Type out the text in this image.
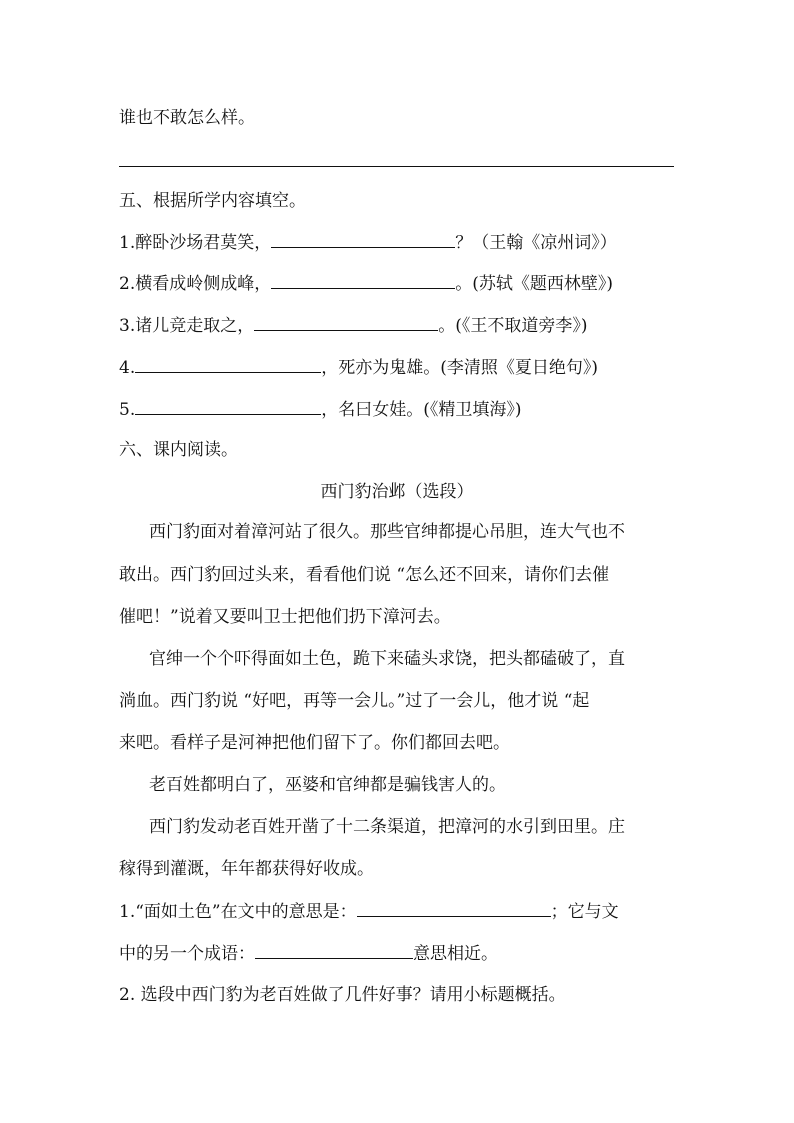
谁也不敢怎么样。
五、根据所学内容填空。
1.醉卧沙场君莫笑，	？（王翰《凉州词》）
2.横看成岭侧成峰，	。(苏轼《题西林壁》)
3.诸儿竞走取之，	。(《王不取道旁李》)
4.	，死亦为鬼雄。(李清照《夏日绝句》)
5.	，名曰女娃。(《精卫填海》)
六、课内阅读。
西门豹治邺（选段）
西门豹面对着漳河站了很久。那些官绅都提心吊胆，连大气也不
敢出。西门豹回过头来，看看他们说 “怎么还不回来，请你们去催
催吧！”说着又要叫卫士把他们扔下漳河去。
官绅一个个吓得面如土色，跪下来磕头求饶，把头都磕破了，直
淌血。西门豹说 “好吧，再等一会儿。”过了一会儿，他才说 “起
来吧。看样子是河神把他们留下了。你们都回去吧。
老百姓都明白了，巫婆和官绅都是骗钱害人的。
西门豹发动老百姓开凿了十二条渠道，把漳河的水引到田里。庄
稼得到灌溉，年年都获得好收成。
1.“面如土色”在文中的意思是：	；它与文
中的另一个成语：	意思相近。
2. 选段中西门豹为老百姓做了几件好事？请用小标题概括。
